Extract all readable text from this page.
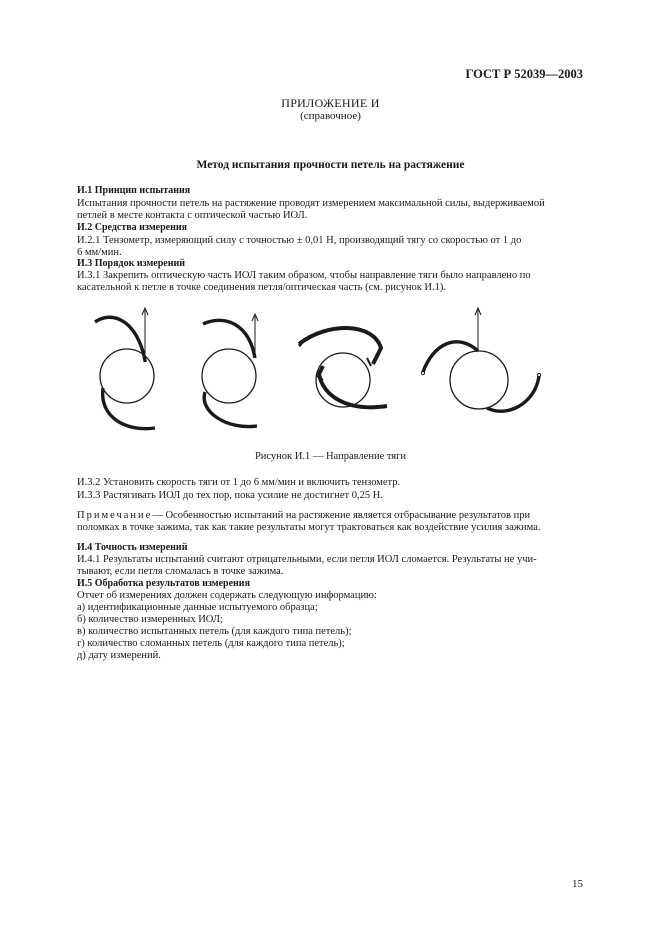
ГОСТ Р 52039—2003
ПРИЛОЖЕНИЕ И
(справочное)
Метод испытания прочности петель на растяжение
И.1 Принцип испытания
Испытания прочности петель на растяжение проводят измерением максимальной силы, выдерживаемой
петлей в месте контакта с оптической частью ИОЛ.
И.2 Средства измерения
И.2.1 Тензометр, измеряющий силу с точностью ± 0,01 Н, производящий тягу со скоростью от 1 до
6 мм/мин.
И.3 Порядок измерений
И.3.1 Закрепить оптическую часть ИОЛ таким образом, чтобы направление тяги было направлено по
касательной к петле в точке соединения петля/оптическая часть (см. рисунок И.1).
Рисунок И.1 — Направление тяги
И.3.2 Установить скорость тяги от 1 до 6 мм/мин и включить тензометр.
И.3.3 Растягивать ИОЛ до тех пор, пока усилие не достигнет 0,25 Н.
Примечание— Особенностью испытаний на растяжение является отбрасывание результатов при
поломках в точке зажима, так как такие результаты могут трактоваться как воздействие усилия зажима.
И.4 Точность измерений
И.4.1 Результаты испытаний считают отрицательными, если петля ИОЛ сломается. Результаты не учи-
тывают, если петля сломалась в точке зажима.
И.5 Обработка результатов измерения
Отчет об измерениях должен содержать следующую информацию:
а) идентификационные данные испытуемого образца;
б) количество измеренных ИОЛ;
в) количество испытанных петель (для каждого типа петель);
г) количество сломанных петель (для каждого типа петель);
д) дату измерений.
15
